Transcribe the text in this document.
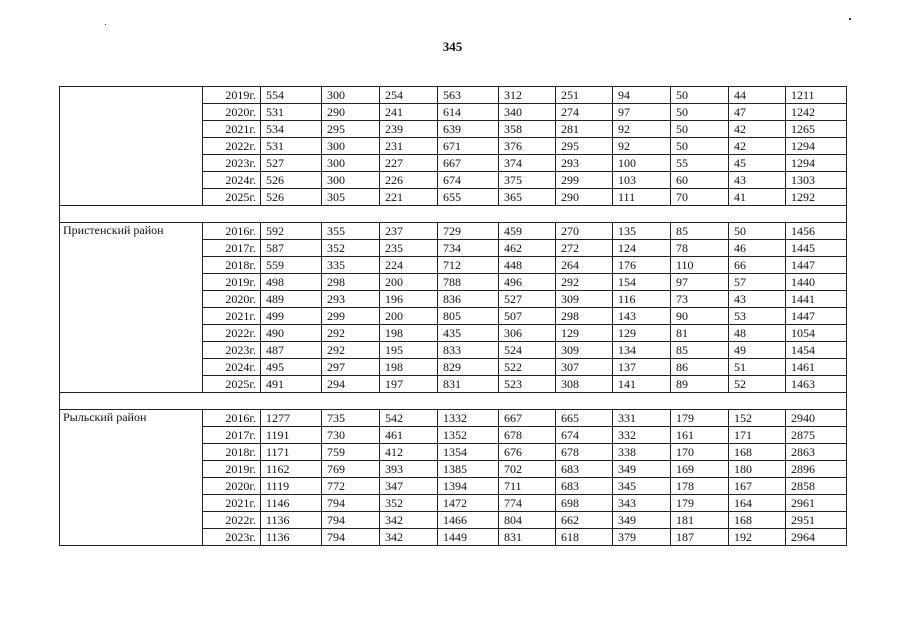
345
	2019г.	554	300	254	563	312	251	94	50	44	1211
	2020г.	531	290	241	614	340	274	97	50	47	1242
	2021г.	534	295	239	639	358	281	92	50	42	1265
	2022г.	531	300	231	671	376	295	92	50	42	1294
	2023г.	527	300	227	667	374	293	100	55	45	1294
	2024г.	526	300	226	674	375	299	103	60	43	1303
	2025г.	526	305	221	655	365	290	111	70	41	1292

Пристенский район	2016г.	592	355	237	729	459	270	135	85	50	1456
	2017г.	587	352	235	734	462	272	124	78	46	1445
	2018г.	559	335	224	712	448	264	176	110	66	1447
	2019г.	498	298	200	788	496	292	154	97	57	1440
	2020г.	489	293	196	836	527	309	116	73	43	1441
	2021г.	499	299	200	805	507	298	143	90	53	1447
	2022г.	490	292	198	435	306	129	129	81	48	1054
	2023г.	487	292	195	833	524	309	134	85	49	1454
	2024г.	495	297	198	829	522	307	137	86	51	1461
	2025г.	491	294	197	831	523	308	141	89	52	1463

Рыльский район	2016г.	1277	735	542	1332	667	665	331	179	152	2940
	2017г.	1191	730	461	1352	678	674	332	161	171	2875
	2018г.	1171	759	412	1354	676	678	338	170	168	2863
	2019г.	1162	769	393	1385	702	683	349	169	180	2896
	2020г.	1119	772	347	1394	711	683	345	178	167	2858
	2021г.	1146	794	352	1472	774	698	343	179	164	2961
	2022г.	1136	794	342	1466	804	662	349	181	168	2951
	2023г.	1136	794	342	1449	831	618	379	187	192	2964
